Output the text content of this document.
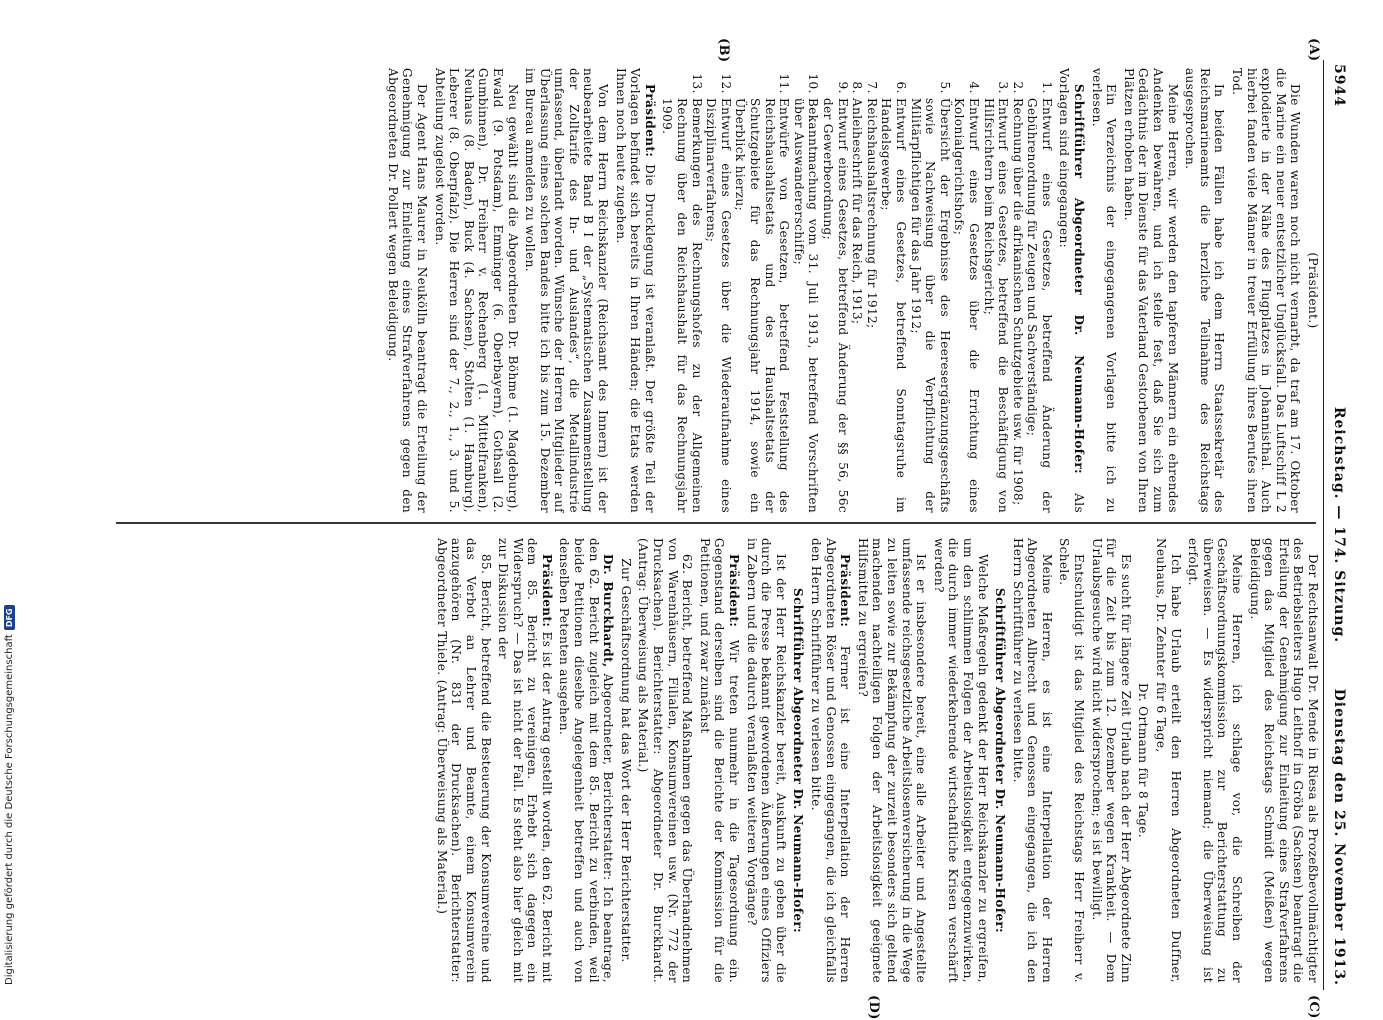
5944
Reichstag. — 174. Sitzung.
Dienstag den 25. November 1913.
(A)
(B)
(C)
(D)

(Präsident.)

Die Wunden waren noch nicht vernarbt, da traf am 17. Oktober die Marine ein neuer entsetzlicher Unglücksfall. Das Luftschiff L 2 explodierte in der Nähe des Flugplatzes in Johannisthal. Auch hierbei fanden viele Männer in treuer Erfüllung ihres Berufes ihren Tod.

In beiden Fällen habe ich dem Herrn Staatssekretär des Reichsmarineamts die herzliche Teilnahme des Reichstags ausgesprochen.

Meine Herren, wir werden den tapferen Männern ein ehrendes Andenken bewahren, und ich stelle fest, daß Sie sich zum Gedächtnis der im Dienste für das Vaterland Gestorbenen von Ihren Plätzen erhoben haben.

Ein Verzeichnis der eingegangenen Vorlagen bitte ich zu verlesen.

Schriftführer Abgeordneter Dr. Neumann-Hofer: Als Vorlagen sind eingegangen:

1. Entwurf eines Gesetzes, betreffend Änderung der Gebührenordnung für Zeugen und Sachverständige;
2. Rechnung über die afrikanischen Schutzgebiete usw. für 1908;
3. Entwurf eines Gesetzes, betreffend die Beschäftigung von Hilfsrichtern beim Reichsgericht;
4. Entwurf eines Gesetzes über die Errichtung eines Kolonialgerichtshofs;
5. Übersicht der Ergebnisse des Heeresergänzungsgeschäfts sowie Nachweisung über die Verpflichtung der Militärpflichtigen für das Jahr 1912;
6. Entwurf eines Gesetzes, betreffend Sonntagsruhe im Handelsgewerbe;
7. Reichshaushaltsrechnung für 1912;
8. Anleiheschrift für das Reich, 1913;
9. Entwurf eines Gesetzes, betreffend Änderung der §§ 56, 56c der Gewerbeordnung;
10. Bekanntmachung vom 31. Juli 1913, betreffend Vorschriften über Auswandererschiffe;
11. Entwürfe von Gesetzen, betreffend Feststellung des Reichshaushaltsetats und des Haushaltsetats der Schutzgebiete für das Rechnungsjahr 1914, sowie ein Überblick hierzu;
12. Entwurf eines Gesetzes über die Wiederaufnahme eines Disziplinarverfahrens;
13. Bemerkungen des Rechnungshofes zu der Allgemeinen Rechnung über den Reichshaushalt für das Rechnungsjahr 1909.

Präsident: Die Drucklegung ist veranlaßt. Der größte Teil der Vorlagen befindet sich bereits in Ihren Händen; die Etats werden Ihnen noch heute zugehen.

Von dem Herrn Reichskanzler (Reichsamt des Innern) ist der neubearbeitete Band B I der „Systematischen Zusammenstellung der Zolltarife des In- und Auslandes“, die Metallindustrie umfassend, überlandt worden. Wünsche der Herren Mitglieder auf Überlassung eines solchen Bandes bitte ich bis zum 15. Dezember im Bureau anmelden zu wollen.

Neu gewählt sind die Abgeordneten Dr. Böhme (1. Magdeburg), Ewald (9. Potsdam), Emminger (6. Oberbayern), Gothsall (2. Gumbinnen), Dr. Freiherr v. Rechenberg (1. Mittelfranken), Neuhaus (8. Baden), Buck (4. Sachsen), Stolten (1. Hamburg), Leberer (8. Oberpfalz). Die Herren sind der 7., 2., 1., 3. und 5. Abteilung zugelost worden.

Der Agent Hans Maurer in Neukölln beantragt die Erteilung der Genehmigung zur Einleitung eines Strafverfahrens gegen den Abgeordneten Dr. Pollert wegen Beleidigung.

Der Rechtsanwalt Dr. Mende in Riesa als Prozeßbevollmächtigter des Betriebsleiters Hugo Leithoff in Gröba (Sachsen) beantragt die Erteilung der Genehmigung zur Einleitung eines Strafverfahrens gegen das Mitglied des Reichstags Schmidt (Meißen) wegen Beleidigung.

Meine Herren, ich schlage vor, die Schreiben der Geschäftsordnungskommission zur Berichterstattung zu überweisen. — Es widerspricht niemand; die Überweisung ist erfolgt.

Ich habe Urlaub erteilt den Herren Abgeordneten Duffner, Neuhaus, Dr. Zehnter für 6 Tage,

Dr. Ortmann für 8 Tage.

Es sucht für längere Zeit Urlaub nach der Herr Abgeordnete Zinn für die Zeit bis zum 12. Dezember wegen Krankheit. — Dem Urlaubsgesuche wird nicht widersprochen; es ist bewilligt.

Entschuldigt ist das Mitglied des Reichstags Herr Freiherr v. Schele.

Meine Herren, es ist eine Interpellation der Herren Abgeordneten Albrecht und Genossen eingegangen, die ich den Herrn Schriftführer zu verlesen bitte.

Schriftführer Abgeordneter Dr. Neumann-Hofer:

Welche Maßregeln gedenkt der Herr Reichskanzler zu ergreifen, um den schlimmen Folgen der Arbeitslosigkeit entgegenzuwirken, die durch immer wiederkehrende wirtschaftliche Krisen verschärft werden?

Ist er insbesondere bereit, eine alle Arbeiter und Angestellte umfassende reichsgesetzliche Arbeitslosenversicherung in die Wege zu leiten sowie zur Bekämpfung der zurzeit besonders sich geltend machenden nachteiligen Folgen der Arbeitslosigkeit geeignete Hilfsmittel zu ergreifen?

Präsident: Ferner ist eine Interpellation der Herren Abgeordneten Röser und Genossen eingegangen, die ich gleichfalls den Herrn Schriftführer zu verlesen bitte.

Schriftführer Abgeordneter Dr. Neumann-Hofer:

Ist der Herr Reichskanzler bereit, Auskunft zu geben über die durch die Presse bekannt gewordenen Äußerungen eines Offiziers in Zabern und die dadurch veranlaßten weiteren Vorgänge?

Präsident: Wir treten nunmehr in die Tagesordnung ein. Gegenstand derselben sind die Berichte der Kommission für die Petitionen, und zwar zunächst

62. Bericht, betreffend Maßnahmen gegen das Überhandnehmen von Warenhäusern, Filialen, Konsumvereinen usw. (Nr. 772 der Drucksachen). Berichterstatter: Abgeordneter Dr. Burckhardt. (Antrag: Überweisung als Material.)

Zur Geschäftsordnung hat das Wort der Herr Berichterstatter.

Dr. Burckhardt, Abgeordneter, Berichterstatter: Ich beantrage, den 62. Bericht zugleich mit dem 85. Bericht zu verbinden, weil beide Petitionen dieselbe Angelegenheit betreffen und auch von denselben Petenten ausgehen.

Präsident: Es ist der Antrag gestellt worden, den 62. Bericht mit dem 85. Bericht zu vereinigen. Erhebt sich dagegen ein Widerspruch? — Das ist nicht der Fall. Es steht also hier gleich mit zur Diskussion der

85. Bericht, betreffend die Besteuerung der Konsumvereine und das Verbot an Lehrer und Beamte, einem Konsumverein anzugehören (Nr. 831 der Drucksachen). Berichterstatter: Abgeordneter Thiele. (Antrag: Überweisung als Material.)

Digitalisierung gefördert durch die Deutsche ForschungsgemeinschaftDFG
